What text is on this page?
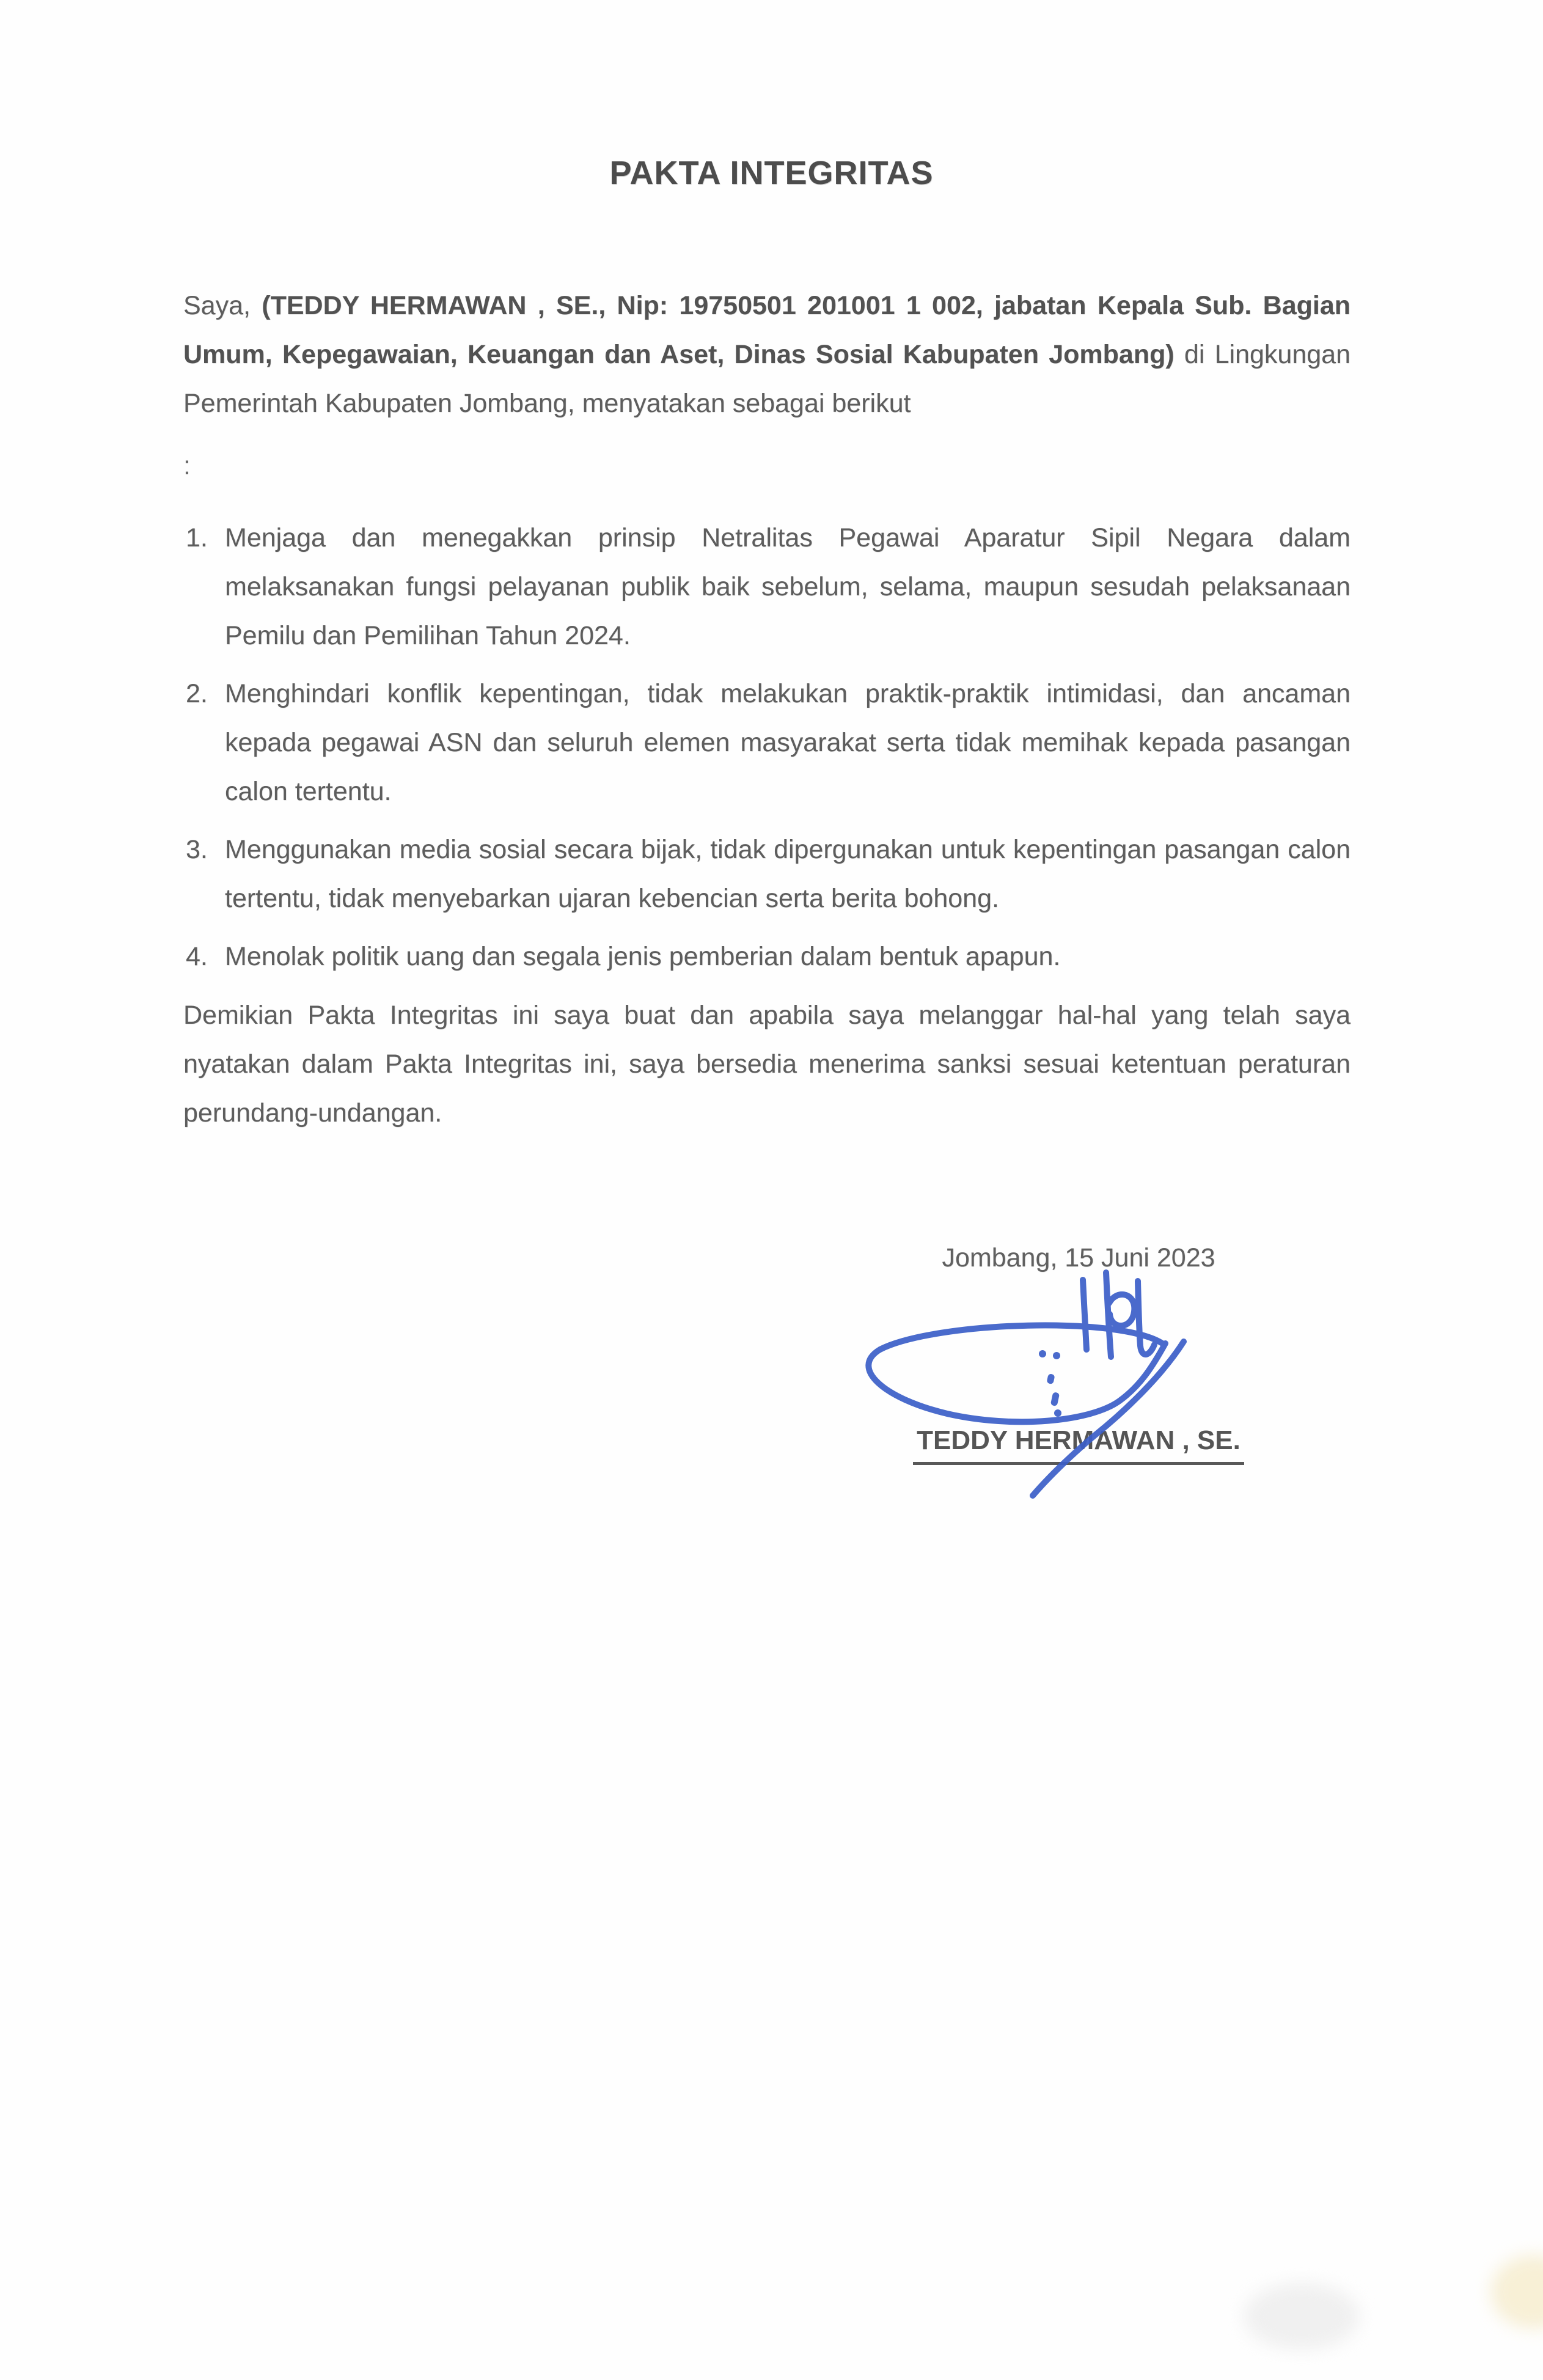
PAKTA INTEGRITAS

Saya, (TEDDY HERMAWAN , SE., Nip: 19750501 201001 1 002, jabatan Kepala Sub. Bagian Umum, Kepegawaian, Keuangan dan Aset, Dinas Sosial Kabupaten Jombang) di Lingkungan Pemerintah Kabupaten Jombang, menyatakan sebagai berikut

:
1. Menjaga dan menegakkan prinsip Netralitas Pegawai Aparatur Sipil Negara dalam melaksanakan fungsi pelayanan publik baik sebelum, selama, maupun sesudah pelaksanaan Pemilu dan Pemilihan Tahun 2024.
2. Menghindari konflik kepentingan, tidak melakukan praktik-praktik intimidasi, dan ancaman kepada pegawai ASN dan seluruh elemen masyarakat serta tidak memihak kepada pasangan calon tertentu.
3. Menggunakan media sosial secara bijak, tidak dipergunakan untuk kepentingan pasangan calon tertentu, tidak menyebarkan ujaran kebencian serta berita bohong.
4. Menolak politik uang dan segala jenis pemberian dalam bentuk apapun.

Demikian Pakta Integritas ini saya buat dan apabila saya melanggar hal-hal yang telah saya nyatakan dalam Pakta Integritas ini, saya bersedia menerima sanksi sesuai ketentuan peraturan perundang-undangan.

Jombang, 15 Juni 2023
TEDDY HERMAWAN , SE.
